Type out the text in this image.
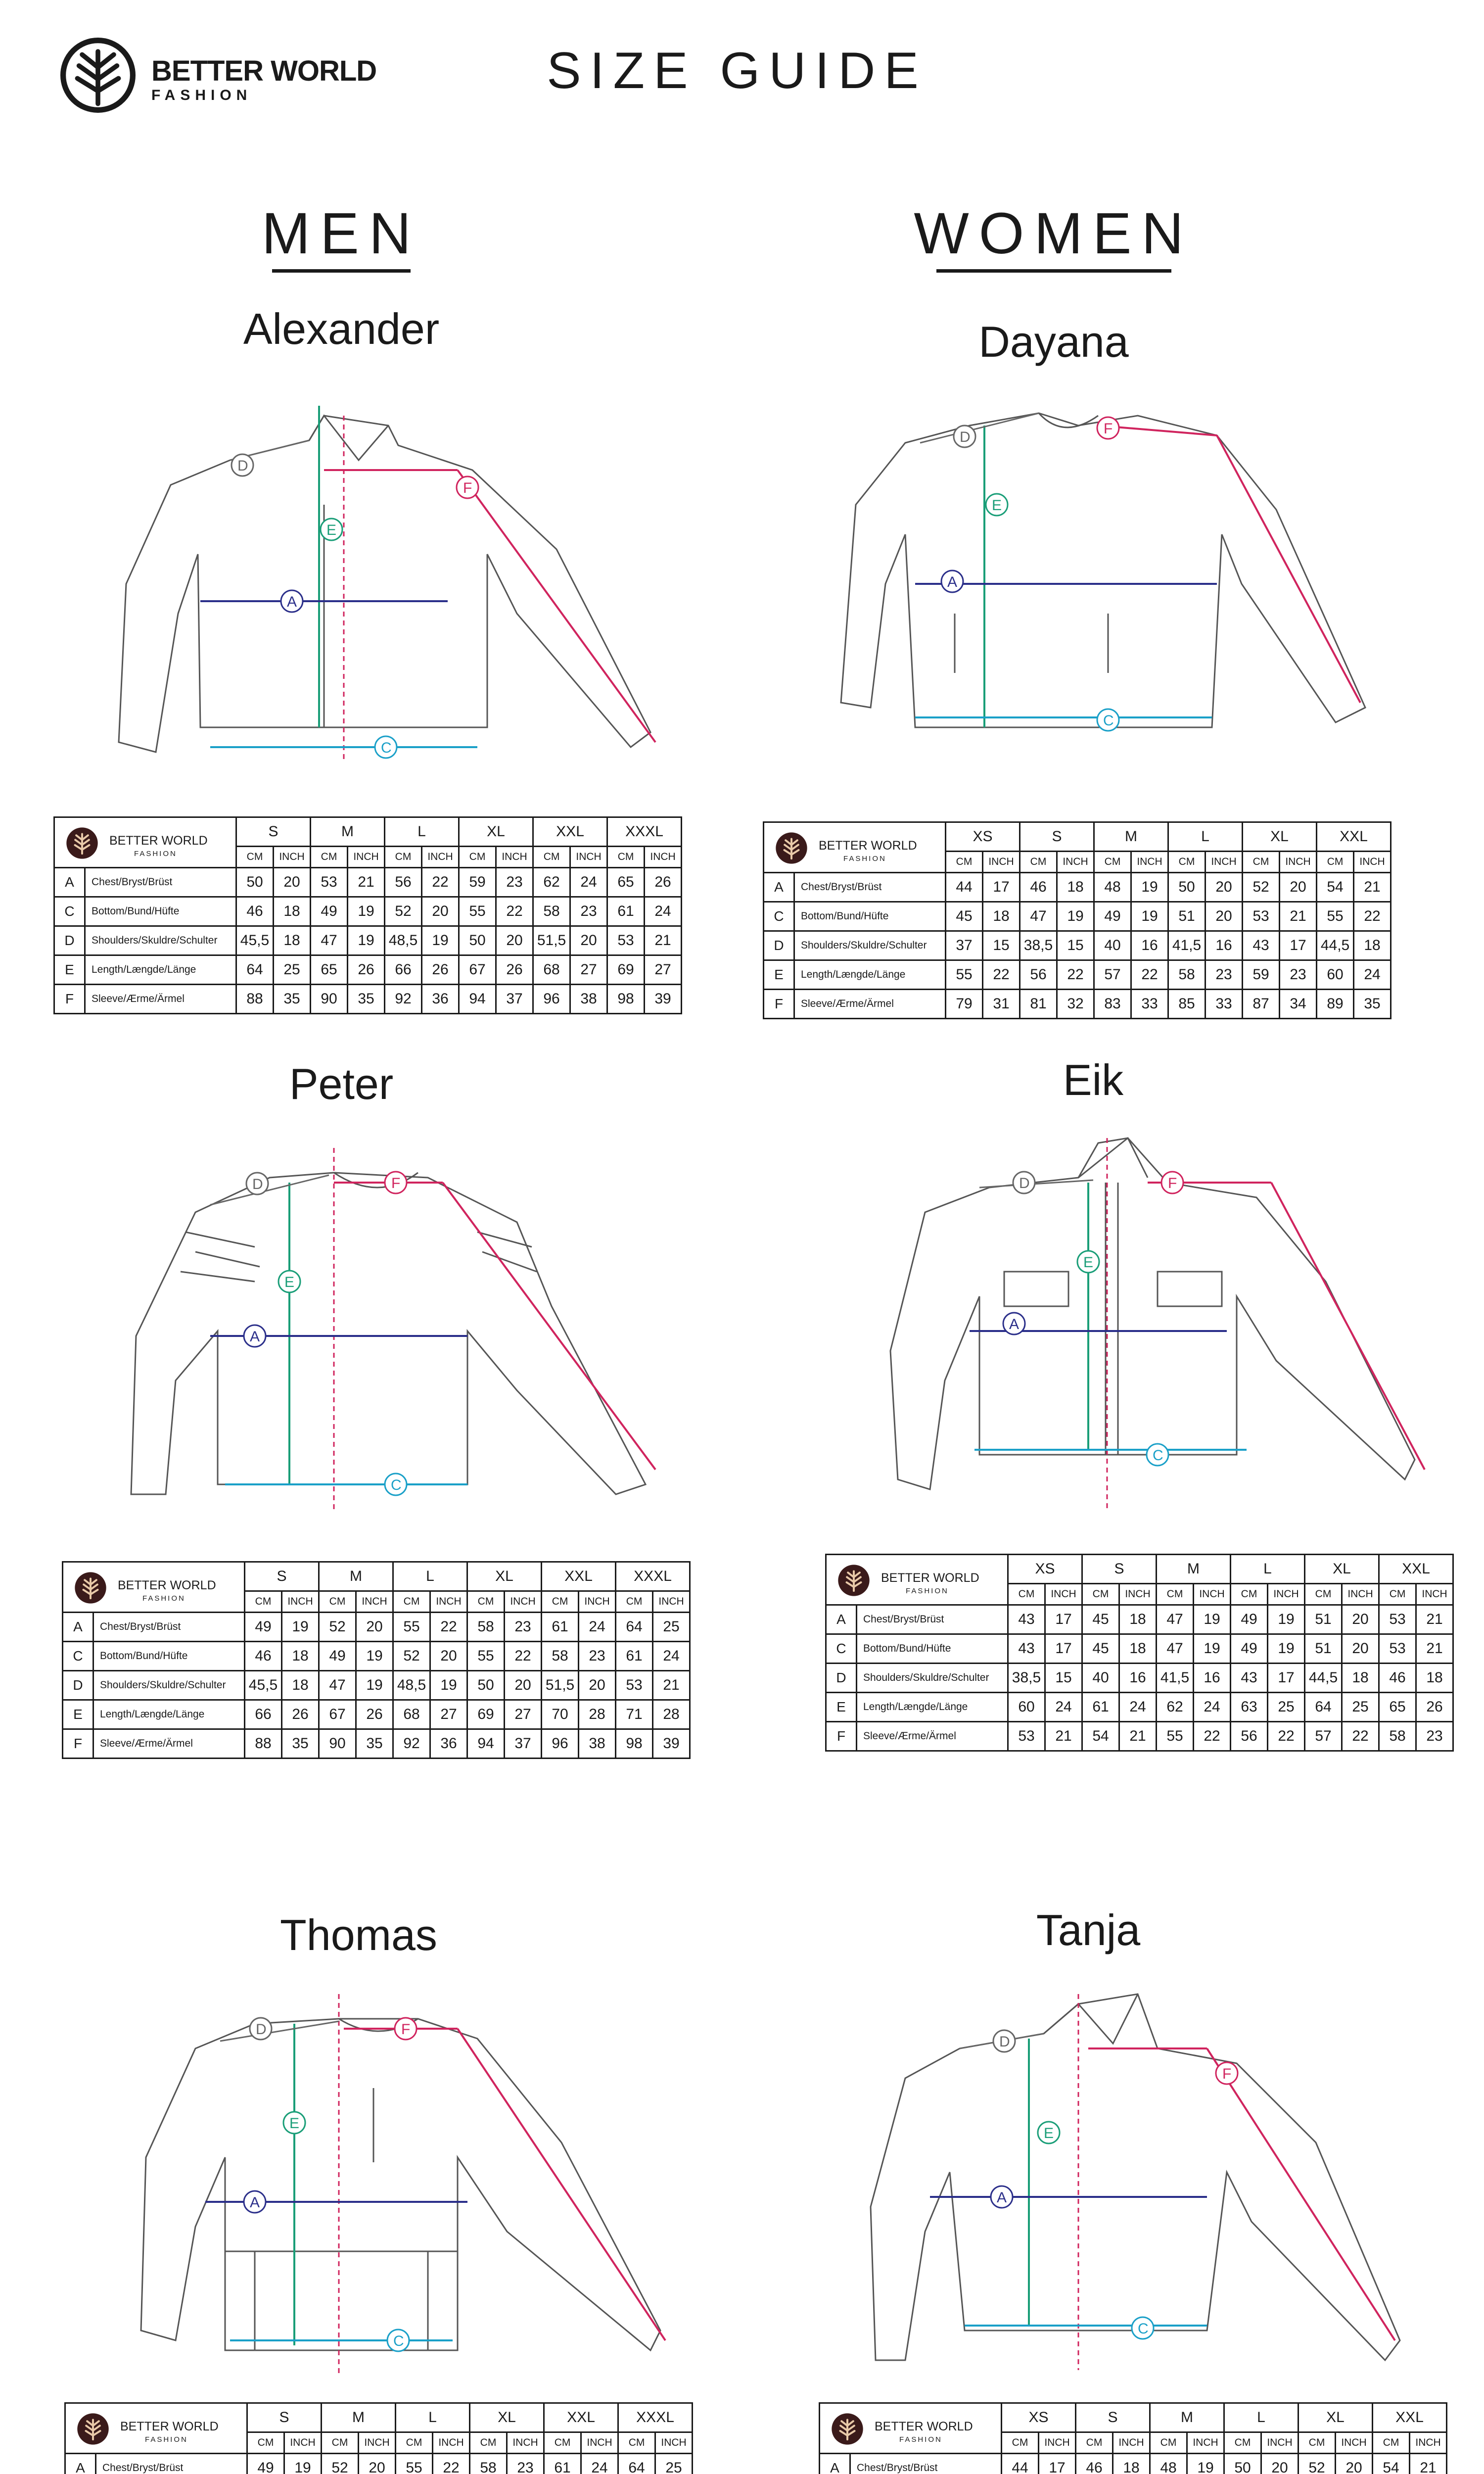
BETTER WORLD
FASHION	SIZE GUIDE
MEN	WOMEN
Alexander	Dayana
Peter	Eik
Thomas	Tanja
D
A
E
F
C
D
A
E
F
C
D
A
E
F
C
D
A
E
F
C
D
A
E
F
C
D
A
E
F
C
BETTER WORLD
FASHION		S		M		L		XL		XXL		XXXL	
		CM	INCH	CM	INCH	CM	INCH	CM	INCH	CM	INCH	CM	INCH
A	Chest/Bryst/Brüst	50	20	53	21	56	22	59	23	62	24	65	26
C	Bottom/Bund/Hüfte	46	18	49	19	52	20	55	22	58	23	61	24
D	Shoulders/Skuldre/Schulter	45,5	18	47	19	48,5	19	50	20	51,5	20	53	21
E	Length/Længde/Länge	64	25	65	26	66	26	67	26	68	27	69	27
F	Sleeve/Ærme/Ärmel	88	35	90	35	92	36	94	37	96	38	98	39
BETTER WORLD
FASHION		XS		S		M		L		XL		XXL	
		CM	INCH	CM	INCH	CM	INCH	CM	INCH	CM	INCH	CM	INCH
A	Chest/Bryst/Brüst	44	17	46	18	48	19	50	20	52	20	54	21
C	Bottom/Bund/Hüfte	45	18	47	19	49	19	51	20	53	21	55	22
D	Shoulders/Skuldre/Schulter	37	15	38,5	15	40	16	41,5	16	43	17	44,5	18
E	Length/Længde/Länge	55	22	56	22	57	22	58	23	59	23	60	24
F	Sleeve/Ærme/Ärmel	79	31	81	32	83	33	85	33	87	34	89	35
BETTER WORLD
FASHION		S		M		L		XL		XXL		XXXL	
		CM	INCH	CM	INCH	CM	INCH	CM	INCH	CM	INCH	CM	INCH
A	Chest/Bryst/Brüst	49	19	52	20	55	22	58	23	61	24	64	25
C	Bottom/Bund/Hüfte	46	18	49	19	52	20	55	22	58	23	61	24
D	Shoulders/Skuldre/Schulter	45,5	18	47	19	48,5	19	50	20	51,5	20	53	21
E	Length/Længde/Länge	66	26	67	26	68	27	69	27	70	28	71	28
F	Sleeve/Ærme/Ärmel	88	35	90	35	92	36	94	37	96	38	98	39
BETTER WORLD
FASHION		XS		S		M		L		XL		XXL	
		CM	INCH	CM	INCH	CM	INCH	CM	INCH	CM	INCH	CM	INCH
A	Chest/Bryst/Brüst	43	17	45	18	47	19	49	19	51	20	53	21
C	Bottom/Bund/Hüfte	43	17	45	18	47	19	49	19	51	20	53	21
D	Shoulders/Skuldre/Schulter	38,5	15	40	16	41,5	16	43	17	44,5	18	46	18
E	Length/Længde/Länge	60	24	61	24	62	24	63	25	64	25	65	26
F	Sleeve/Ærme/Ärmel	53	21	54	21	55	22	56	22	57	22	58	23
BETTER WORLD
FASHION		S		M		L		XL		XXL		XXXL	
		CM	INCH	CM	INCH	CM	INCH	CM	INCH	CM	INCH	CM	INCH
A	Chest/Bryst/Brüst	49	19	52	20	55	22	58	23	61	24	64	25

BETTER WORLD
FASHION		XS		S		M		L		XL		XXL	
		CM	INCH	CM	INCH	CM	INCH	CM	INCH	CM	INCH	CM	INCH
A	Chest/Bryst/Brüst	44	17	46	18	48	19	50	20	52	20	54	21
